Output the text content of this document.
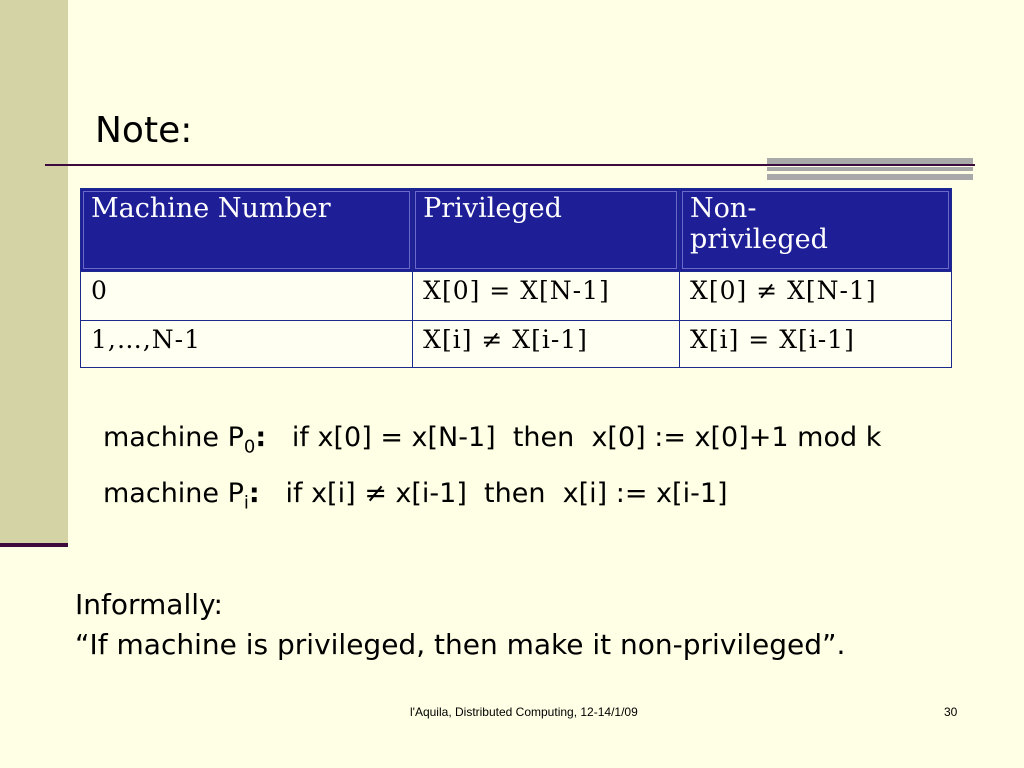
Note:
Machine Number	Privileged	Non-privileged
0	X[0] = X[N-1]	X[0] ≠ X[N-1]
1,…,N-1	X[i] ≠ X[i-1]	X[i] = X[i-1]
machine $P_0$:   if x[0] = x[N-1]  then  x[0] := x[0]+1 mod k
machine $P_i$:   if x[i] ≠ x[i-1]  then  x[i] := x[i-1]
Informally:
“If machine is privileged, then make it non-privileged”.
l'Aquila, Distributed Computing, 12-14/1/09	30
